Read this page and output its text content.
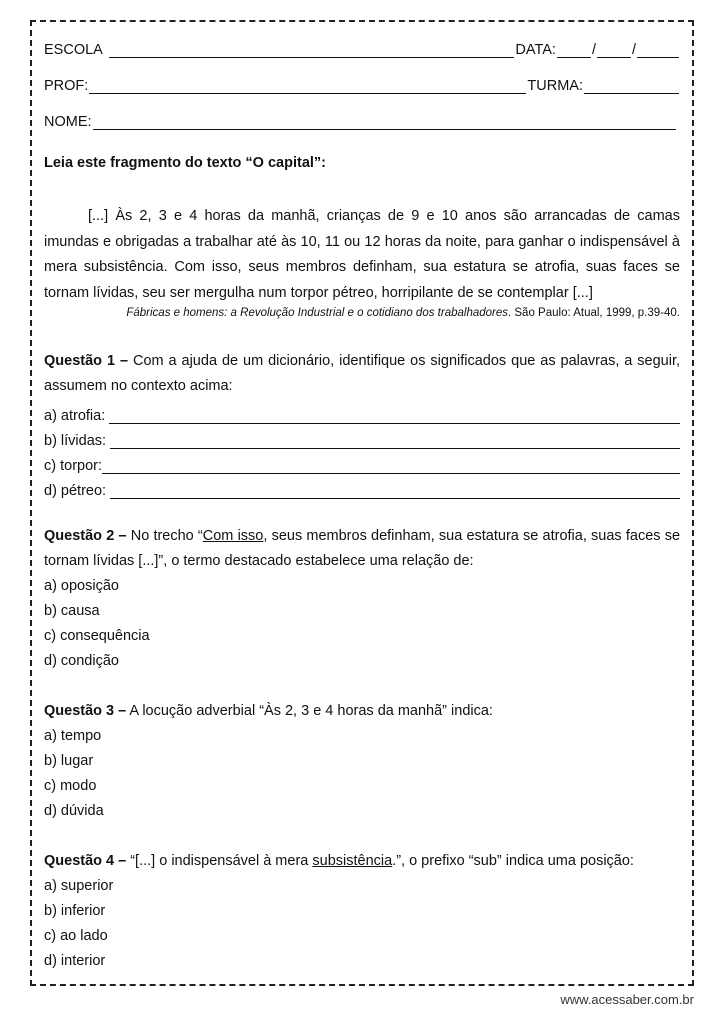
ESCOLA	DATA: / /
PROF:	TURMA:
NOME:
Leia este fragmento do texto “O capital”:
[...] Às 2, 3 e 4 horas da manhã, crianças de 9 e 10 anos são arrancadas de camas imundas e obrigadas a trabalhar até às 10, 11 ou 12 horas da noite, para ganhar o indispensável à mera subsistência. Com isso, seus membros definham, sua estatura se atrofia, suas faces se tornam lívidas, seu ser mergulha num torpor pétreo, horripilante de se contemplar [...]
Fábricas e homens: a Revolução Industrial e o cotidiano dos trabalhadores. São Paulo: Atual, 1999, p.39-40.
Questão 1 – Com a ajuda de um dicionário, identifique os significados que as palavras, a seguir, assumem no contexto acima:
a) atrofia:
b) lívidas:
c) torpor:
d) pétreo:
Questão 2 – No trecho “Com isso, seus membros definham, sua estatura se atrofia, suas faces se tornam lívidas [...]”, o termo destacado estabelece uma relação de:
a) oposição
b) causa
c) consequência
d) condição
Questão 3 – A locução adverbial “Às 2, 3 e 4 horas da manhã” indica:
a) tempo
b) lugar
c) modo
d) dúvida
Questão 4 – “[...] o indispensável à mera subsistência.”, o prefixo “sub” indica uma posição:
a) superior
b) inferior
c) ao lado
d) interior
www.acessaber.com.br
